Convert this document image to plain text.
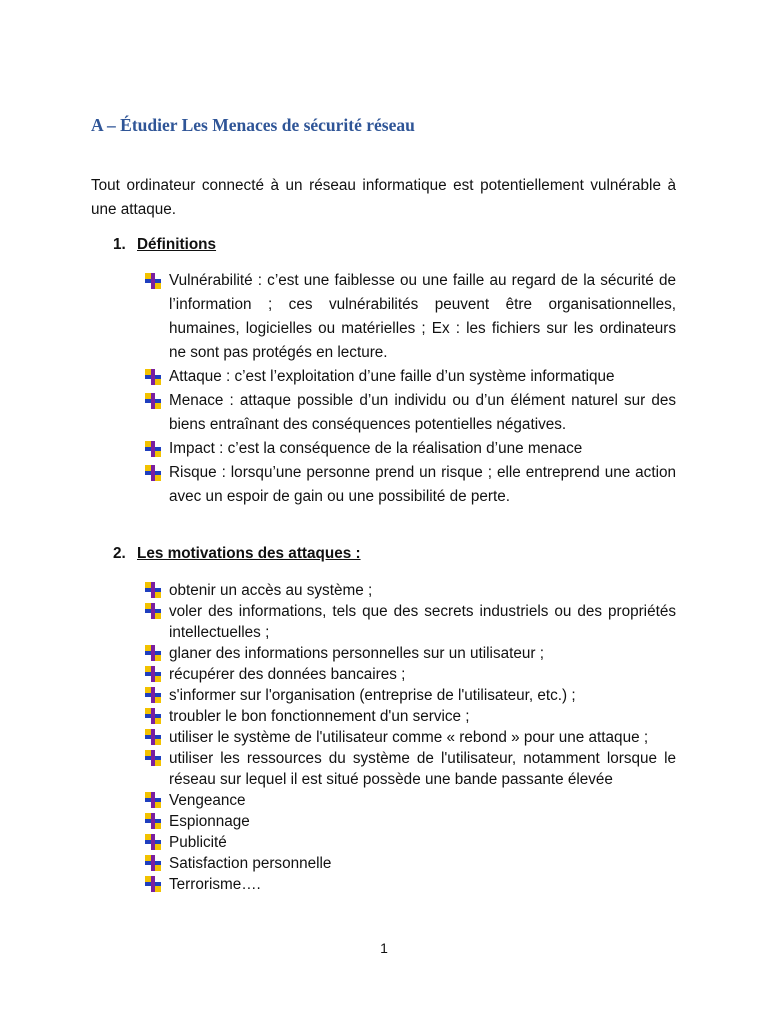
A – Étudier Les Menaces de sécurité réseau

Tout ordinateur connecté à un réseau informatique est potentiellement vulnérable à une attaque.

1. Définitions
Vulnérabilité : c’est une faiblesse ou une faille au regard de la sécurité de l’information ; ces vulnérabilités peuvent être organisationnelles, humaines, logicielles ou matérielles ; Ex : les fichiers sur les ordinateurs ne sont pas protégés en lecture.
Attaque : c’est l’exploitation d’une faille d’un système informatique
Menace : attaque possible d’un individu ou d’un élément naturel sur des biens entraînant des conséquences potentielles négatives.
Impact : c’est la conséquence de la réalisation d’une menace
Risque : lorsqu’une personne prend un risque ; elle entreprend une action avec un espoir de gain ou une possibilité de perte.
2. Les motivations des attaques :
obtenir un accès au système ;
voler des informations, tels que des secrets industriels ou des propriétés intellectuelles ;
glaner des informations personnelles sur un utilisateur ;
récupérer des données bancaires ;
s'informer sur l'organisation (entreprise de l'utilisateur, etc.) ;
troubler le bon fonctionnement d'un service ;
utiliser le système de l'utilisateur comme « rebond » pour une attaque ;
utiliser les ressources du système de l'utilisateur, notamment lorsque le réseau sur lequel il est situé possède une bande passante élevée
Vengeance
Espionnage
Publicité
Satisfaction personnelle
Terrorisme….
1
